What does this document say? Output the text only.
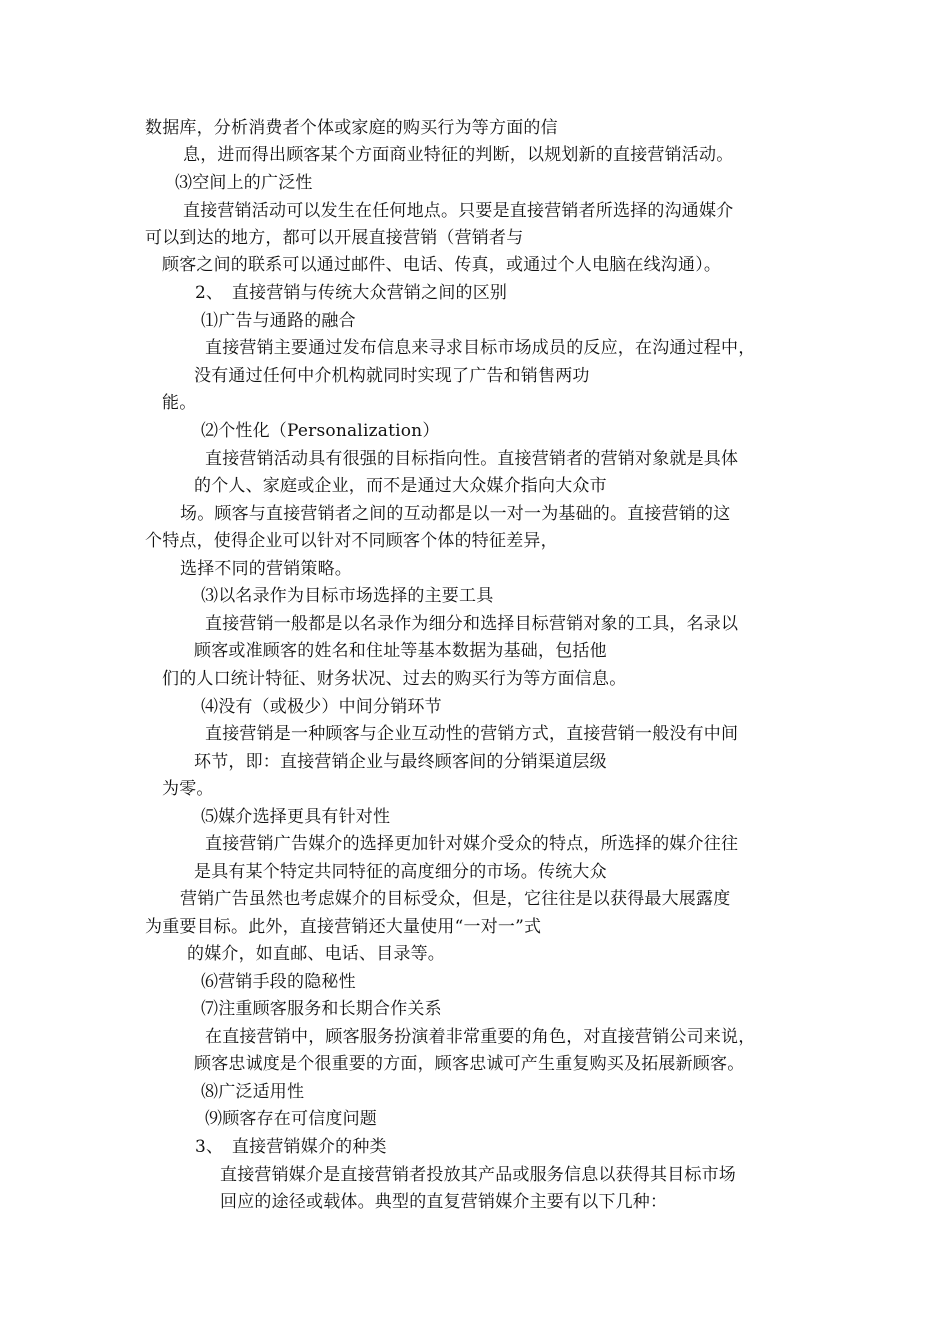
数据库，分析消费者个体或家庭的购买行为等方面的信
息，进而得出顾客某个方面商业特征的判断，以规划新的直接营销活动。
⑶空间上的广泛性
直接营销活动可以发生在任何地点。只要是直接营销者所选择的沟通媒介
可以到达的地方，都可以开展直接营销（营销者与
顾客之间的联系可以通过邮件、电话、传真，或通过个人电脑在线沟通）。
2、　直接营销与传统大众营销之间的区别
⑴广告与通路的融合
直接营销主要通过发布信息来寻求目标市场成员的反应，在沟通过程中，
没有通过任何中介机构就同时实现了广告和销售两功
能。
⑵个性化（Personalization）
直接营销活动具有很强的目标指向性。直接营销者的营销对象就是具体
的个人、家庭或企业，而不是通过大众媒介指向大众市
场。顾客与直接营销者之间的互动都是以一对一为基础的。直接营销的这
个特点，使得企业可以针对不同顾客个体的特征差异，
选择不同的营销策略。
⑶以名录作为目标市场选择的主要工具
直接营销一般都是以名录作为细分和选择目标营销对象的工具，名录以
顾客或准顾客的姓名和住址等基本数据为基础，包括他
们的人口统计特征、财务状况、过去的购买行为等方面信息。
⑷没有（或极少）中间分销环节
直接营销是一种顾客与企业互动性的营销方式，直接营销一般没有中间
环节，即：直接营销企业与最终顾客间的分销渠道层级
为零。
⑸媒介选择更具有针对性
直接营销广告媒介的选择更加针对媒介受众的特点，所选择的媒介往往
是具有某个特定共同特征的高度细分的市场。传统大众
营销广告虽然也考虑媒介的目标受众，但是，它往往是以获得最大展露度
为重要目标。此外，直接营销还大量使用“一对一”式
的媒介，如直邮、电话、目录等。
⑹营销手段的隐秘性
⑺注重顾客服务和长期合作关系
在直接营销中，顾客服务扮演着非常重要的角色，对直接营销公司来说，
顾客忠诚度是个很重要的方面，顾客忠诚可产生重复购买及拓展新顾客。
⑻广泛适用性
⑼顾客存在可信度问题
3、　直接营销媒介的种类
直接营销媒介是直接营销者投放其产品或服务信息以获得其目标市场
回应的途径或载体。典型的直复营销媒介主要有以下几种：
